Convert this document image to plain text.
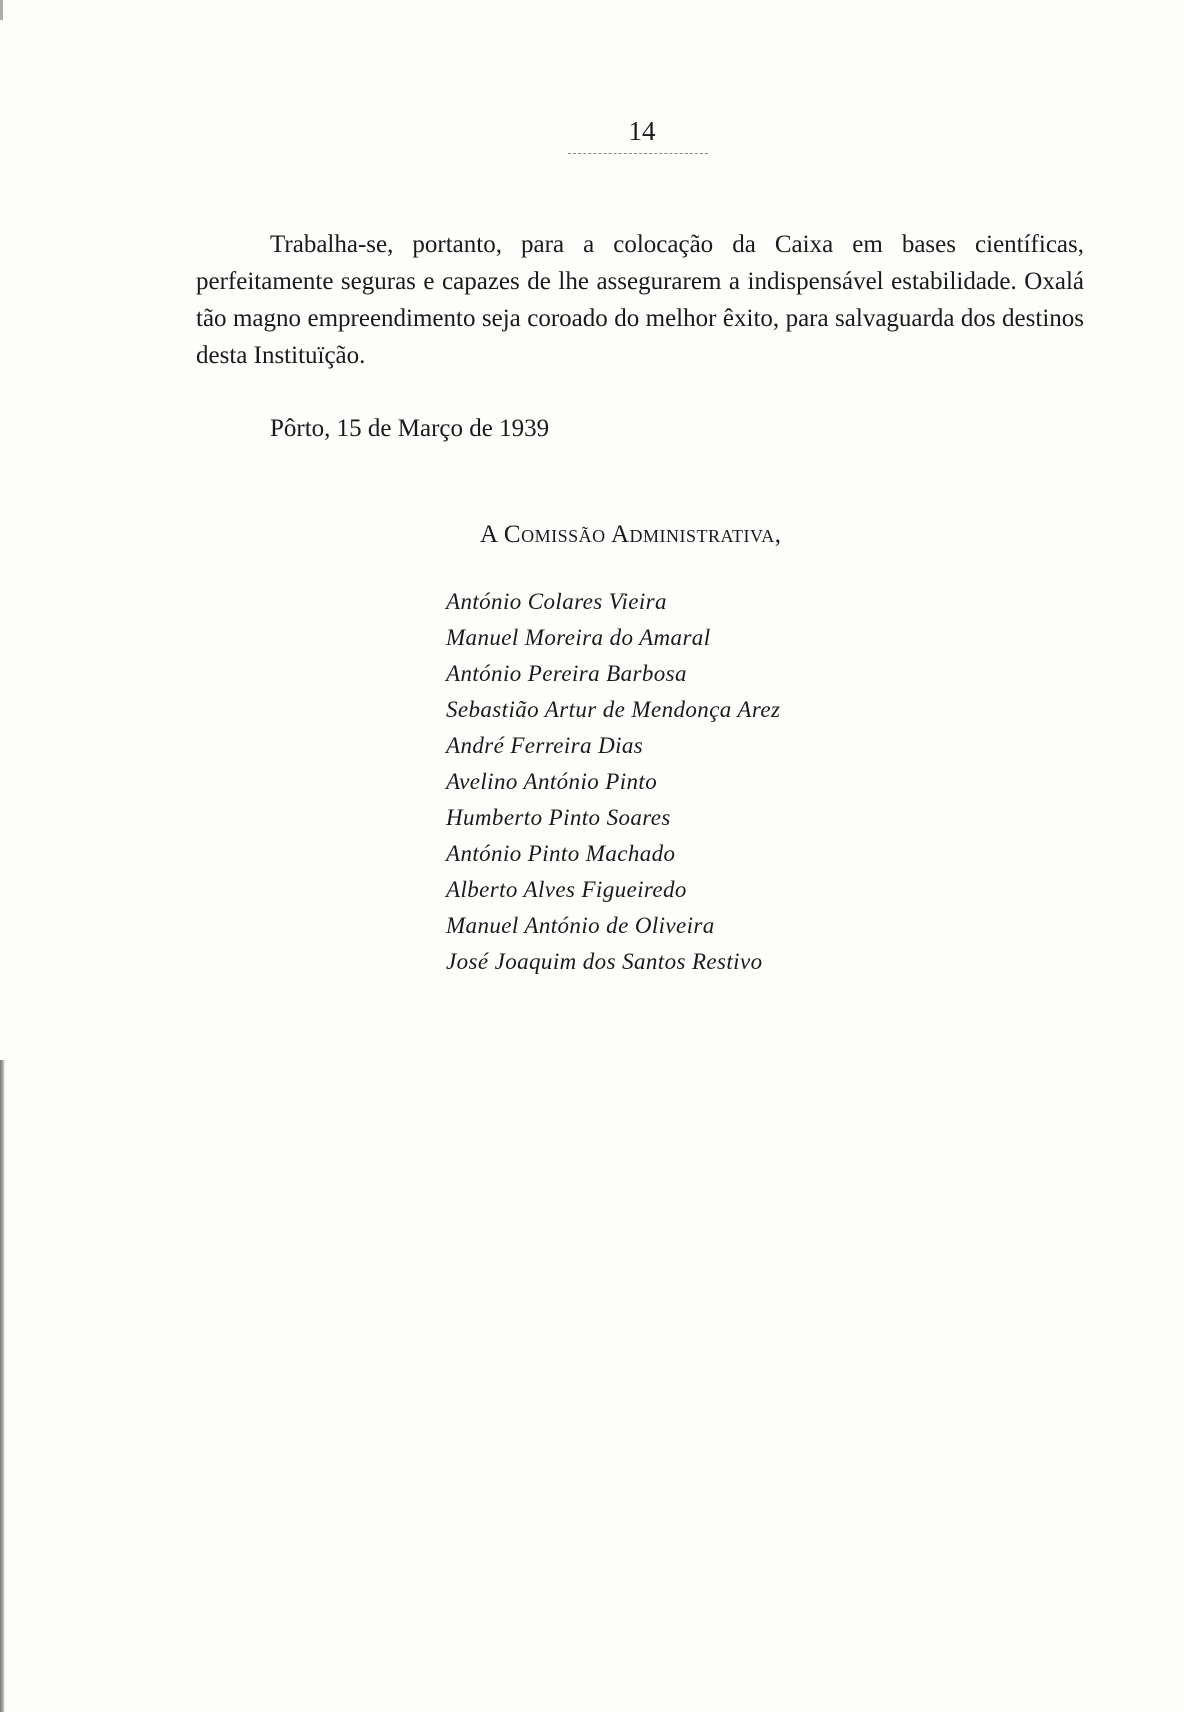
14

Trabalha-se, portanto, para a colocação da Caixa em bases científicas, perfeitamente seguras e capazes de lhe assegurarem a indispensável estabilidade. Oxalá tão magno empreendimento seja coroado do melhor êxito, para salvaguarda dos destinos desta Instituïção.

Pôrto, 15 de Março de 1939
A Comissão Administrativa,
António Colares Vieira
Manuel Moreira do Amaral
António Pereira Barbosa
Sebastião Artur de Mendonça Arez
André Ferreira Dias
Avelino António Pinto
Humberto Pinto Soares
António Pinto Machado
Alberto Alves Figueiredo
Manuel António de Oliveira
José Joaquim dos Santos Restivo
